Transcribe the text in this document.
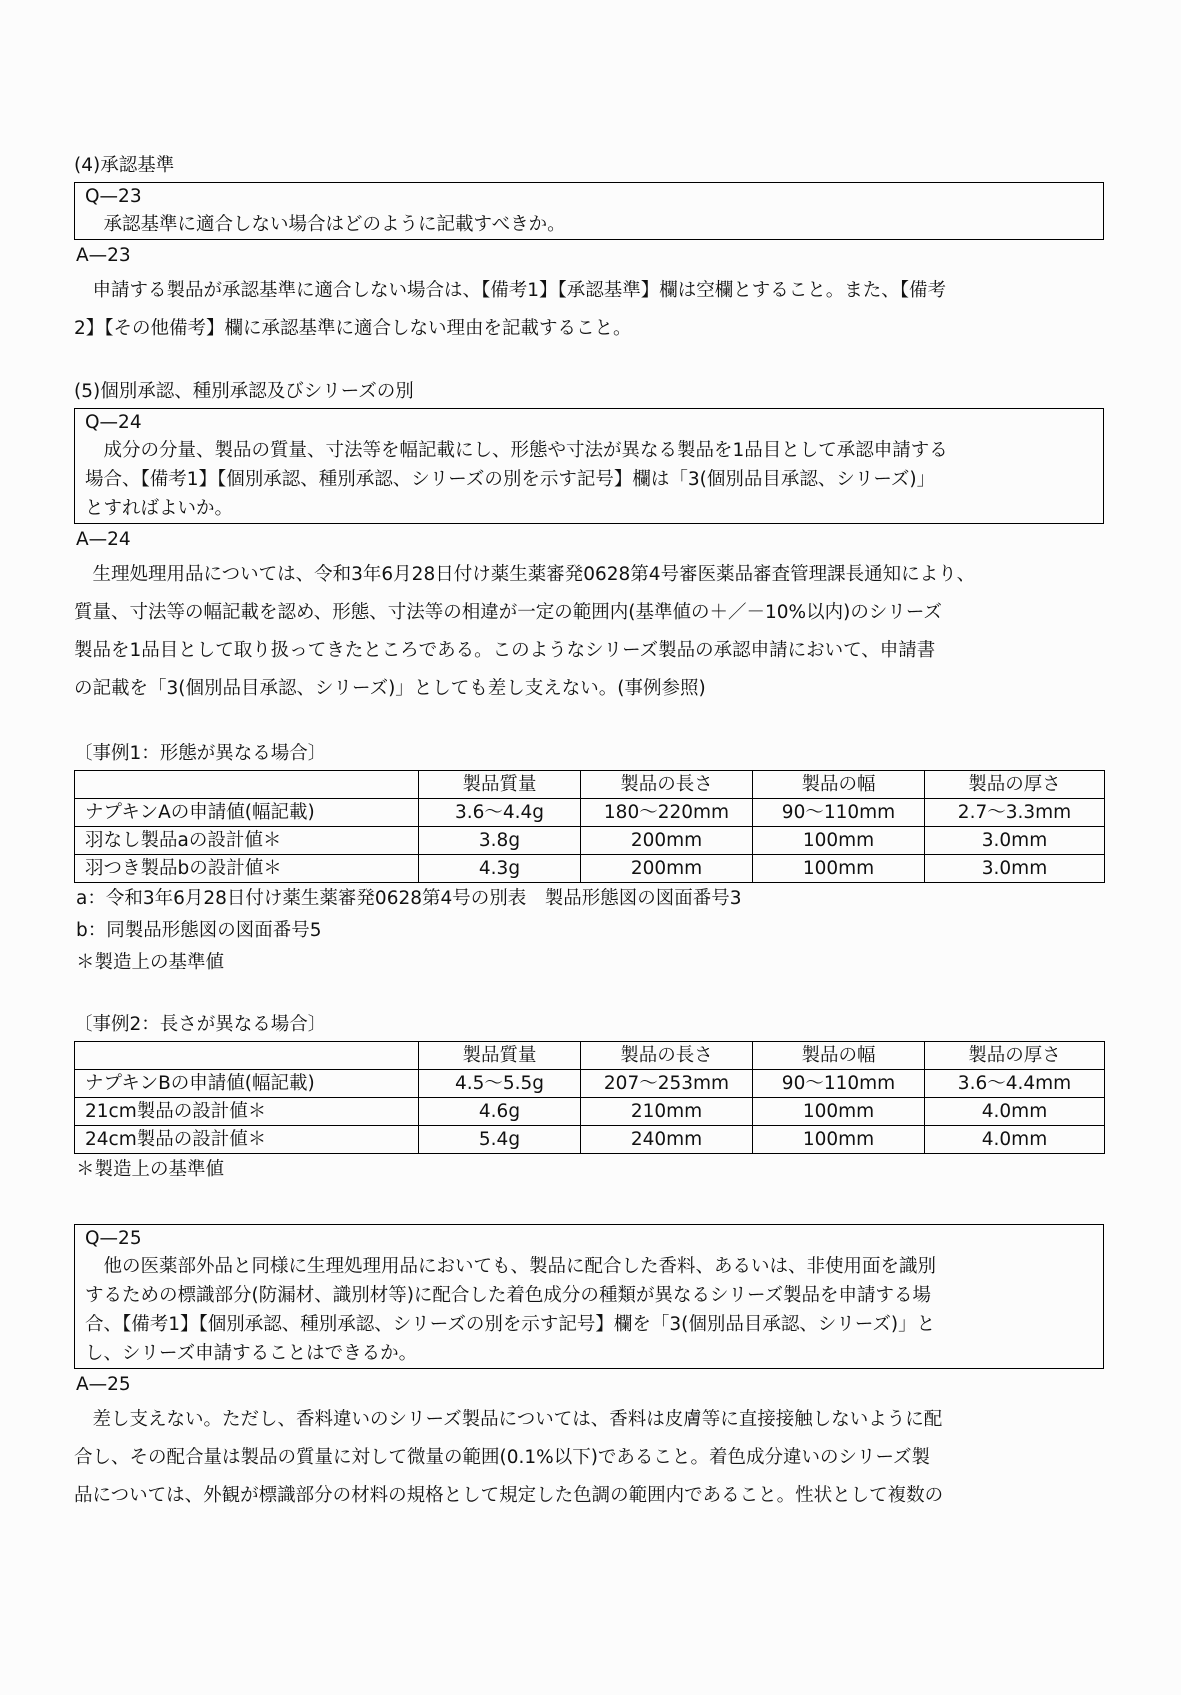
(4)承認基準
Q—23
　承認基準に適合しない場合はどのように記載すべきか。
A—23
　申請する製品が承認基準に適合しない場合は、【備考1】【承認基準】欄は空欄とすること。また、【備考
2】【その他備考】欄に承認基準に適合しない理由を記載すること。
(5)個別承認、種別承認及びシリーズの別
Q—24
　成分の分量、製品の質量、寸法等を幅記載にし、形態や寸法が異なる製品を1品目として承認申請する
場合、【備考1】【個別承認、種別承認、シリーズの別を示す記号】欄は「3(個別品目承認、シリーズ)」
とすればよいか。
A—24
　生理処理用品については、令和3年6月28日付け薬生薬審発0628第4号審医薬品審査管理課長通知により、
質量、寸法等の幅記載を認め、形態、寸法等の相違が一定の範囲内(基準値の＋／－10%以内)のシリーズ
製品を1品目として取り扱ってきたところである。このようなシリーズ製品の承認申請において、申請書
の記載を「3(個別品目承認、シリーズ)」としても差し支えない。(事例参照)
〔事例1：形態が異なる場合〕
	製品質量	製品の長さ	製品の幅	製品の厚さ
ナプキンAの申請値(幅記載)	3.6～4.4g	180～220mm	90～110mm	2.7～3.3mm
羽なし製品aの設計値＊	3.8g	200mm	100mm	3.0mm
羽つき製品bの設計値＊	4.3g	200mm	100mm	3.0mm
a：令和3年6月28日付け薬生薬審発0628第4号の別表　製品形態図の図面番号3
b：同製品形態図の図面番号5
＊製造上の基準値
〔事例2：長さが異なる場合〕
	製品質量	製品の長さ	製品の幅	製品の厚さ
ナプキンBの申請値(幅記載)	4.5～5.5g	207～253mm	90～110mm	3.6～4.4mm
21cm製品の設計値＊	4.6g	210mm	100mm	4.0mm
24cm製品の設計値＊	5.4g	240mm	100mm	4.0mm
＊製造上の基準値
Q—25
　他の医薬部外品と同様に生理処理用品においても、製品に配合した香料、あるいは、非使用面を識別
するための標識部分(防漏材、識別材等)に配合した着色成分の種類が異なるシリーズ製品を申請する場
合、【備考1】【個別承認、種別承認、シリーズの別を示す記号】欄を「3(個別品目承認、シリーズ)」と
し、シリーズ申請することはできるか。
A—25
　差し支えない。ただし、香料違いのシリーズ製品については、香料は皮膚等に直接接触しないように配
合し、その配合量は製品の質量に対して微量の範囲(0.1%以下)であること。着色成分違いのシリーズ製
品については、外観が標識部分の材料の規格として規定した色調の範囲内であること。性状として複数の
